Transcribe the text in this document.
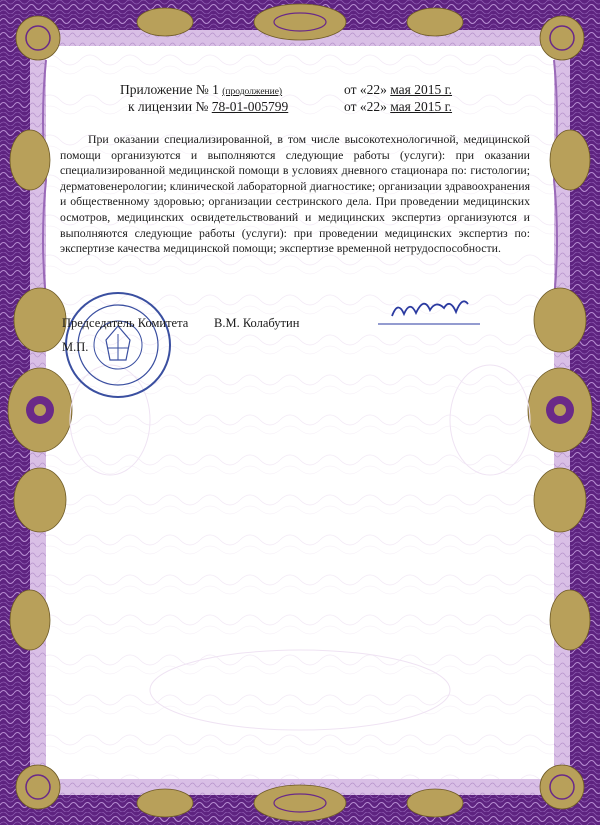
Приложение № 1 (продолжение)	от «22» мая 2015 г.
к лицензии № 78-01-005799	от «22» мая 2015 г.
При оказании специализированной, в том числе высокотехнологичной, медицинской помощи организуются и выполняются следующие работы (услуги): при оказании специализированной медицинской помощи в условиях дневного стационара по: гистологии; дерматовенерологии; клинической лабораторной диагностике; организации здравоохранения и общественному здоровью; организации сестринского дела. При проведении медицинских осмотров, медицинских освидетельствований и медицинских экспертиз организуются и выполняются следующие работы (услуги): при проведении медицинских экспертиз по: экспертизе качества медицинской помощи; экспертизе временной нетрудоспособности.
Председатель Комитета В.М. Колабутин
М.П.
